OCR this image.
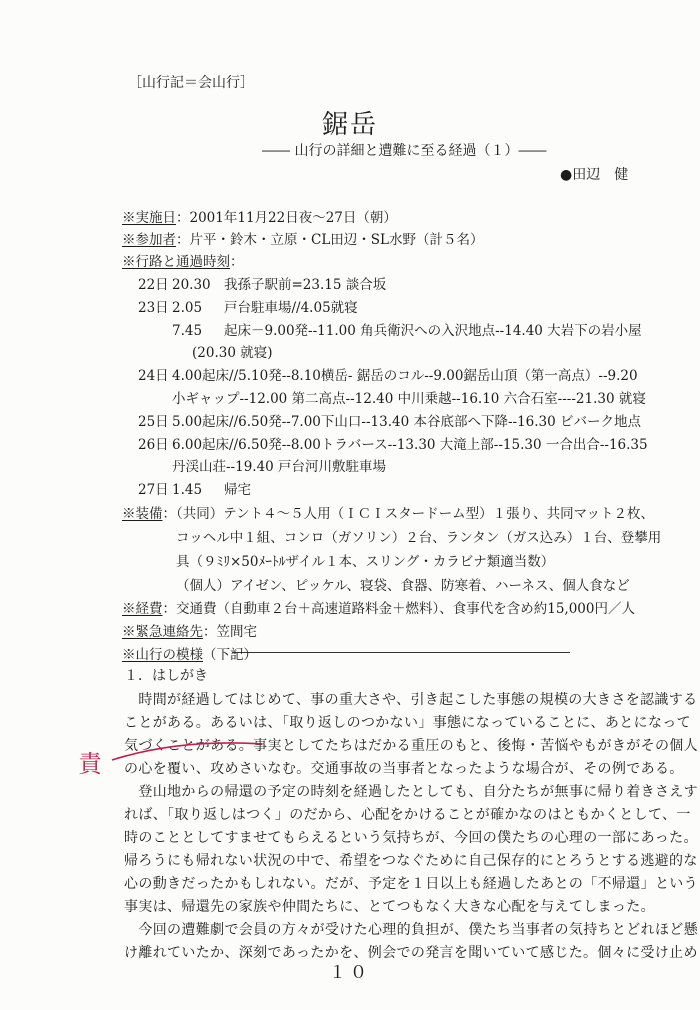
［山行記＝会山行］
鋸岳
―― 山行の詳細と遭難に至る経過（１）――
●田辺　健
※実施日：2001年11月22日夜～27日（朝）
※参加者：片平・鈴木・立原・CL田辺・SL水野（計５名）
※行路と通過時刻：
22日 20.30 我孫子駅前=23.15 談合坂
23日 2.05 戸台駐車場//4.05就寝
7.45 起床－9.00発--11.00 角兵衛沢への入沢地点--14.40 大岩下の岩小屋
(20.30 就寝)
24日 4.00起床//5.10発--8.10横岳- 鋸岳のコル--9.00鋸岳山頂（第一高点）--9.20
小ギャップ--12.00 第二高点--12.40 中川乗越--16.10 六合石室----21.30 就寝
25日 5.00起床//6.50発--7.00下山口--13.40 本谷底部へ下降--16.30 ビバーク地点
26日 6.00起床//6.50発--8.00トラバース--13.30 大滝上部--15.30 一合出合--16.35
丹渓山荘--19.40 戸台河川敷駐車場
27日 1.45 帰宅
※装備：（共同）テント４～５人用（ＩＣＩスタードーム型）１張り、共同マット２枚、
コッヘル中１組、コンロ（ガソリン）２台、ランタン（ガス込み）１台、登攀用
具（９ﾐﾘ×50ﾒｰﾄﾙザイル１本、スリング・カラビナ類適当数）
（個人）アイゼン、ピッケル、寝袋、食器、防寒着、ハーネス、個人食など
※経費：交通費（自動車２台＋高速道路料金＋燃料）、食事代を含め約15,000円／人
※緊急連絡先：笠間宅
※山行の模様（下記）
１．はしがき
　時間が経過してはじめて、事の重大さや、引き起こした事態の規模の大きさを認識する
ことがある。あるいは、「取り返しのつかない」事態になっていることに、あとになって
気づくことがある。事実としてたちはだかる重圧のもと、後悔・苦悩やもがきがその個人
の心を覆い、攻めさいなむ。交通事故の当事者となったような場合が、その例である。
　登山地からの帰還の予定の時刻を経過したとしても、自分たちが無事に帰り着きさえす
れば、「取り返しはつく」のだから、心配をかけることが確かなのはともかくとして、一
時のこととしてすませてもらえるという気持ちが、今回の僕たちの心理の一部にあった。
帰ろうにも帰れない状況の中で、希望をつなぐために自己保存的にとろうとする逃避的な
心の動きだったかもしれない。だが、予定を１日以上も経過したあとの「不帰還」という
事実は、帰還先の家族や仲間たちに、とてつもなく大きな心配を与えてしまった。
　今回の遭難劇で会員の方々が受けた心理的負担が、僕たち当事者の気持ちとどれほど懸
け離れていたか、深刻であったかを、例会での発言を聞いていて感じた。個々に受け止め
責
１０
